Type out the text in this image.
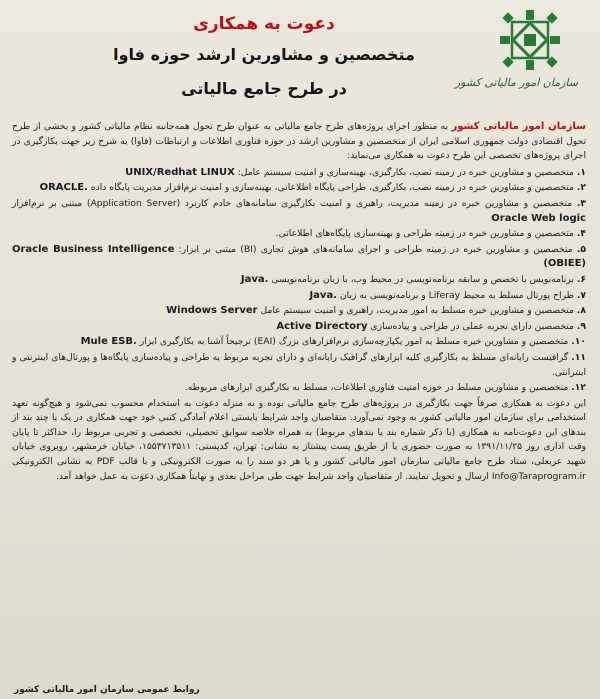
سازمان امور مالیاتی کشور
دعوت به همکاری
متخصصین و مشاورین ارشد حوزه فاوا
در طرح جامع مالیاتی

سازمان امور مالیاتی کشور به منظور اجرای پروژه‌های طرح جامع مالیاتی به عنوان طرح تحول همه‌جانبه نظام مالیاتی کشور و بخشی از طرح تحول اقتصادی دولت جمهوری اسلامی ایران از متخصصین و مشاورین ارشد در حوزه فناوری اطلاعات و ارتباطات (فاوا) به شرح زیر جهت بکارگیری در اجرای پروژه‌های تخصصی این طرح دعوت به همکاری می‌نماید:

۱. متخصصین و مشاورین خبره در زمینه نصب، بکارگیری، بهینه‌سازی و امنیت سیستم عامل: UNIX/Redhat LINUX
۲. متخصصین و مشاورین خبره در زمینه نصب، بکارگیری، طراحی پایگاه اطلاعاتی، بهینه‌سازی و امنیت نرم‌افزار مدیریت پایگاه داده ORACLE.
۳. متخصصین و مشاورین خبره در زمینه مدیریت، راهبری و امنیت بکارگیری سامانه‌های خادم کاربرد (Application Server) مبتنی بر نرم‌افزار Oracle Web logic
۴. متخصصین و مشاورین خبره در زمینه طراحی و بهینه‌سازی پایگاه‌های اطلاعاتی.
۵. متخصصین و مشاورین خبره در زمینه طراحی و اجرای سامانه‌های هوش تجاری (BI) مبتنی بر ابزار: Oracle Business Intelligence (OBIEE)
۶. برنامه‌نویس با تخصص و سابقه برنامه‌نویسی در محیط وب، با زبان برنامه‌نویسی Java.
۷. طراح پورتال مسلط به محیط Liferay و برنامه‌نویسی به زبان Java.
۸. متخصصین و مشاورین خبره مسلط به امور مدیریت، راهبری و امنیت سیستم عامل Windows Server
۹. متخصصین دارای تجربه عملی در طراحی و پیاده‌سازی Active Directory
۱۰. متخصصین و مشاورین خبره مسلط به امور یکپارچه‌سازی نرم‌افزارهای بزرگ (EAI) ترجیحاً آشنا به بکارگیری ابزار Mule ESB.
۱۱. گرافیست رایانه‌ای مسلط به بکارگیری کلیه ابزارهای گرافیک رایانه‌ای و دارای تجربه مربوط به طراحی و پیاده‌سازی پایگاه‌ها و پورتال‌های اینترنتی و اینترانتی.
۱۲. متخصصین و مشاورین مسلط در حوزه امنیت فناوری اطلاعات، مسلط به بکارگیری ابزارهای مربوطه.

این دعوت به همکاری صرفاً جهت بکارگیری در پروژه‌های طرح جامع مالیاتی بوده و به منزله دعوت به استخدام محسوب نمی‌شود و هیچ‌گونه تعهد استخدامی برای سازمان امور مالیاتی کشور به وجود نمی‌آورد. متقاضیان واجد شرایط بایستی اعلام آمادگی کتبی خود جهت همکاری در یک یا چند بند از بندهای این دعوت‌نامه به همکاری (با ذکر شماره بند یا بندهای مربوط) به همراه خلاصه سوابق تحصیلی، تخصصی و تجربی مربوط را، حداکثر تا پایان وقت اداری روز ۱۳۹۱/۱۱/۲۵ به صورت حضوری یا از طریق پست پیشتاز به نشانی: تهران، کدپستی: ۱۵۵۳۷۱۳۵۱۱، خیابان خرمشهر، روبروی خیابان شهید عربعلی، ستاد طرح جامع مالیاتی سازمان امور مالیاتی کشور و یا هر دو سند را به صورت الکترونیکی و با قالب PDF به نشانی الکترونیکی Info@Taraprogram.ir ارسال و تحویل نمایند. از متقاضیان واجد شرایط جهت طی مراحل بعدی و نهایتاً همکاری دعوت به عمل خواهد آمد.

روابط عمومی سازمان امور مالیاتی کشور
